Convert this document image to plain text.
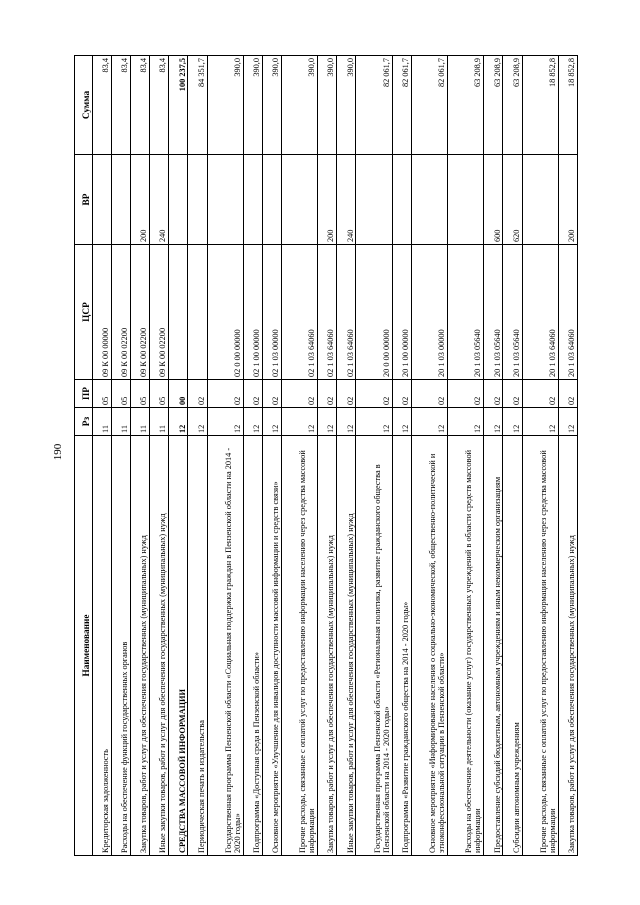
190
Наименование	Рз	ПР	ЦСР	ВР	Сумма
Кредиторская задолженность	11	05	09 К 00 00000		83,4
Расходы на обеспечение функций государственных органов	11	05	09 К 00 02200		83,4
Закупка товаров, работ и услуг для обеспечения государственных (муниципальных) нужд	11	05	09 К 00 02200	200	83,4
Иные закупки товаров, работ и услуг для обеспечения государственных (муниципальных) нужд	11	05	09 К 00 02200	240	83,4
СРЕДСТВА МАССОВОЙ ИНФОРМАЦИИ	12	00			100 237,5
Периодическая печать и издательства	12	02			84 351,7
Государственная программа Пензенской области «Социальная поддержка граждан в Пензенской области на 2014 - 2020 годы»	12	02	02 0 00 00000		390,0
Подпрограмма «Доступная среда в Пензенской области»	12	02	02 1 00 00000		390,0
Основное мероприятие «Улучшение для инвалидов доступности массовой информации и средств связи»	12	02	02 1 03 00000		390,0
Прочие расходы, связанные с оплатой услуг по предоставлению информации населению через средства массовой информации	12	02	02 1 03 64060		390,0
Закупка товаров, работ и услуг для обеспечения государственных (муниципальных) нужд	12	02	02 1 03 64060	200	390,0
Иные закупки товаров, работ и услуг для обеспечения государственных (муниципальных) нужд	12	02	02 1 03 64060	240	390,0
Государственная программа Пензенской области «Региональная политика, развитие гражданского общества в Пензенской области на 2014 - 2020 годы»	12	02	20 0 00 00000		82 061,7
Подпрограмма «Развитие гражданского общества на 2014 - 2020 годы»	12	02	20 1 00 00000		82 061,7
Основное мероприятие «Информирование населения о социально-экономической, общественно-политической и этноконфессиональной ситуации в Пензенской области»	12	02	20 1 03 00000		82 061,7
Расходы на обеспечение деятельности (оказание услуг) государственных учреждений в области средств массовой информации	12	02	20 1 03 05640		63 208,9
Предоставление субсидий бюджетным, автономным учреждениям и иным некоммерческим организациям	12	02	20 1 03 05640	600	63 208,9
Субсидии автономным учреждениям	12	02	20 1 03 05640	620	63 208,9
Прочие расходы, связанные с оплатой услуг по предоставлению информации населению через средства массовой информации	12	02	20 1 03 64060		18 852,8
Закупка товаров, работ и услуг для обеспечения государственных (муниципальных) нужд	12	02	20 1 03 64060	200	18 852,8
